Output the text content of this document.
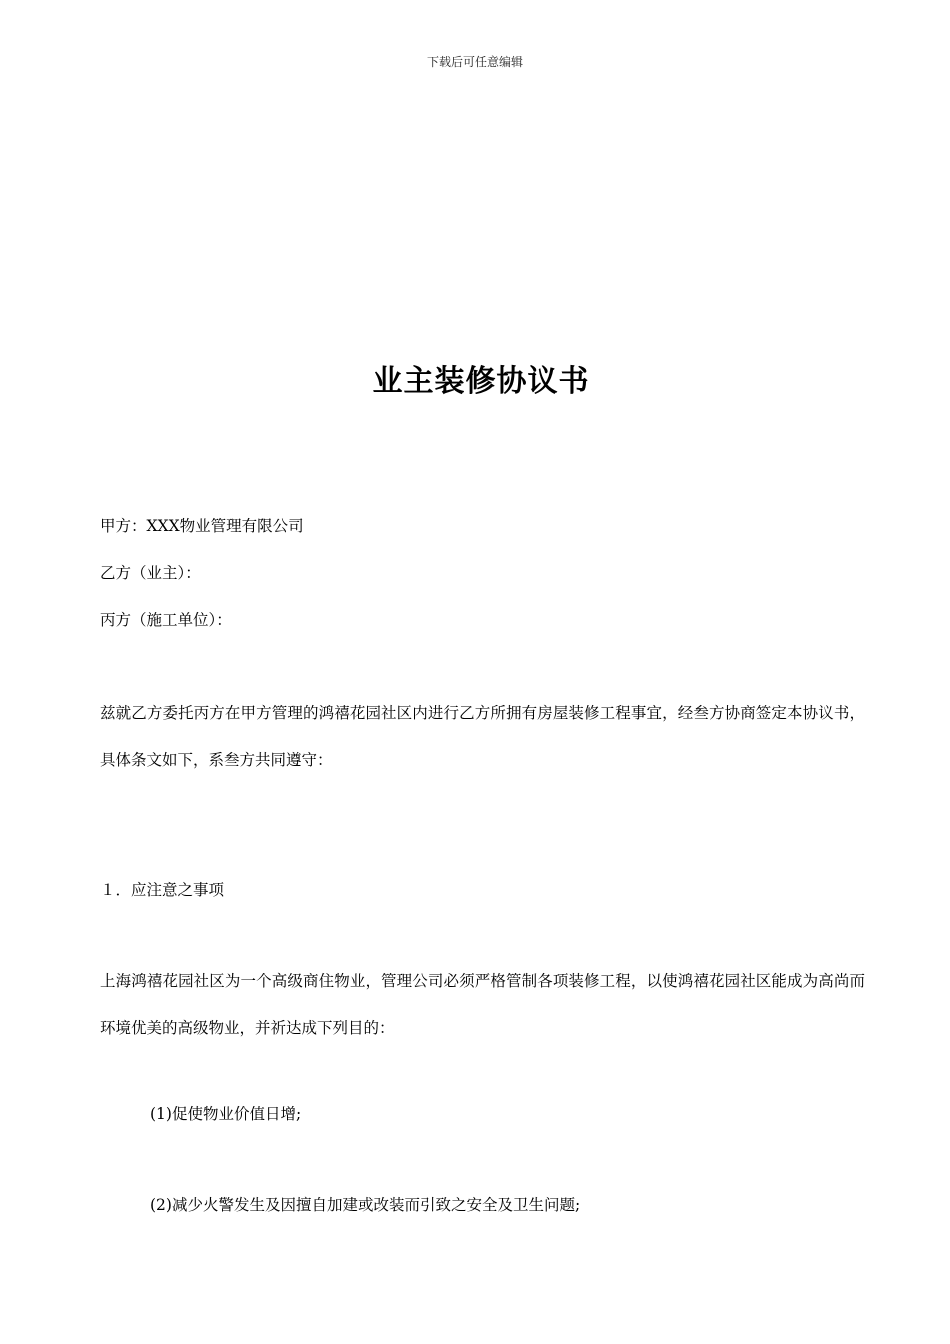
下载后可任意编辑
业主装修协议书
甲方：XXX物业管理有限公司
乙方（业主）：
丙方（施工单位）：
兹就乙方委托丙方在甲方管理的鸿禧花园社区内进行乙方所拥有房屋装修工程事宜，经叁方协商签定本协议书，具体条文如下，系叁方共同遵守：
１．应注意之事项
上海鸿禧花园社区为一个高级商住物业，管理公司必须严格管制各项装修工程，以使鸿禧花园社区能成为高尚而环境优美的高级物业，并祈达成下列目的：
(1)促使物业价值日增;
(2)减少火警发生及因擅自加建或改装而引致之安全及卫生问题;
